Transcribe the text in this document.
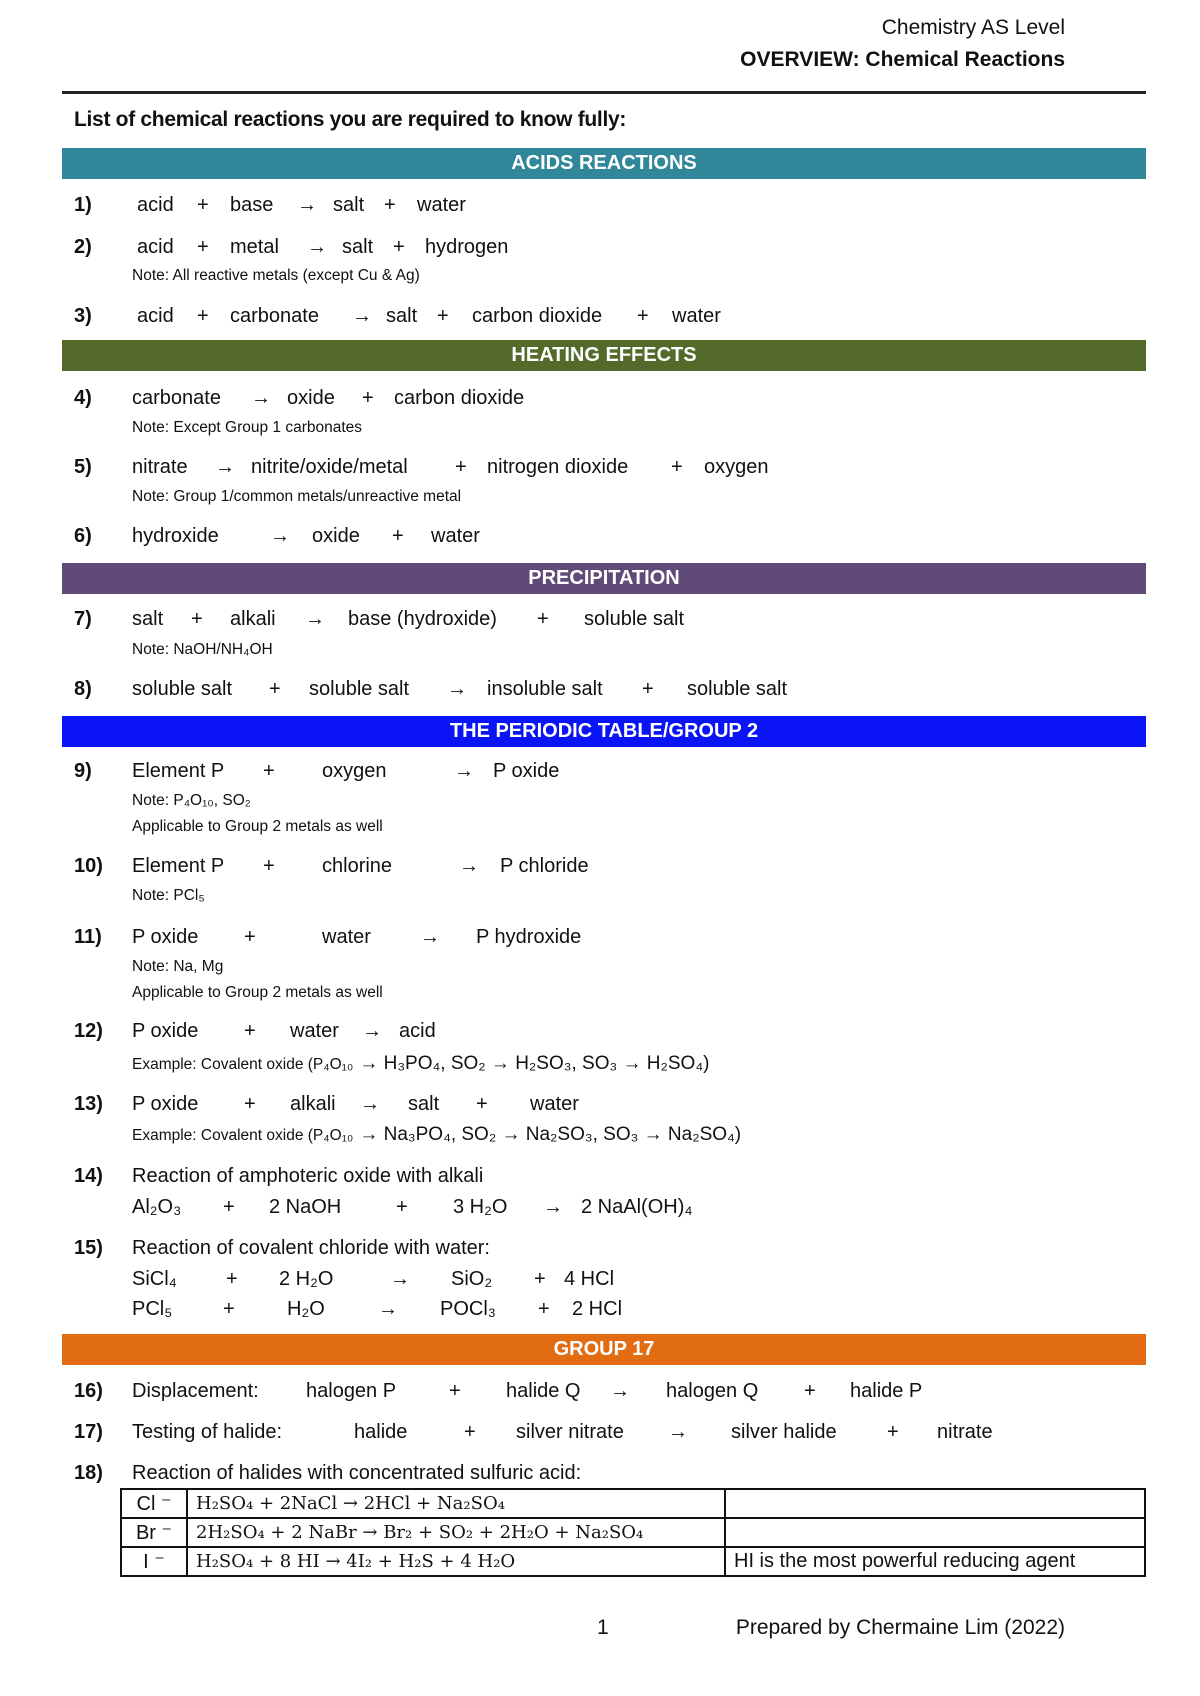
Chemistry AS Level
OVERVIEW: Chemical Reactions
List of chemical reactions you are required to know fully:
ACIDS REACTIONS
1) acid + base → salt + water
2) acid + metal → salt + hydrogen
Note: All reactive metals (except Cu & Ag)
3) acid + carbonate → salt + carbon dioxide + water
HEATING EFFECTS
4) carbonate → oxide + carbon dioxide
Note: Except Group 1 carbonates
5) nitrate → nitrite/oxide/metal + nitrogen dioxide + oxygen
Note: Group 1/common metals/unreactive metal
6) hydroxide	→ oxide + water
PRECIPITATION
7) salt + alkali → base (hydroxide) + soluble salt
Note: NaOH/NH₄OH
8) soluble salt + soluble salt → insoluble salt + soluble salt
THE PERIODIC TABLE/GROUP 2
9) Element P + oxygen	→ P oxide
Note: P₄O₁₀, SO₂
Applicable to Group 2 metals as well
10) Element P + chlorine	→ P chloride
Note: PCl₅
11) P oxide +	water → P hydroxide
Note: Na, Mg
Applicable to Group 2 metals as well
12) P oxide + water → acid
Example: Covalent oxide (P₄O₁₀ → H₃PO₄, SO₂ → H₂SO₃, SO₃ → H₂SO₄)
13) P oxide + alkali → salt + water
Example: Covalent oxide (P₄O₁₀ → Na₃PO₄, SO₂ → Na₂SO₃, SO₃ → Na₂SO₄)
14) Reaction of amphoteric oxide with alkali
Al₂O₃ + 2 NaOH	+ 3 H₂O → 2 NaAl(OH)₄
15) Reaction of covalent chloride with water:
SiCl₄ + 2 H₂O	→ SiO₂ + 4 HCl
PCl₅	+	H₂O	→ POCl₃ + 2 HCl
GROUP 17
16) Displacement: halogen P	+ halide Q → halogen Q + halide P
17) Testing of halide:	halide	+ silver nitrate → silver halide	+ nitrate
18) Reaction of halides with concentrated sulfuric acid:
Cl ⁻	H₂SO₄ + 2NaCl → 2HCl + Na₂SO₄	
Br ⁻	2H₂SO₄ + 2 NaBr → Br₂ + SO₂ + 2H₂O + Na₂SO₄	
I ⁻	H₂SO₄ + 8 HI → 4I₂ + H₂S + 4 H₂O	HI is the most powerful reducing agent
1	Prepared by Chermaine Lim (2022)
